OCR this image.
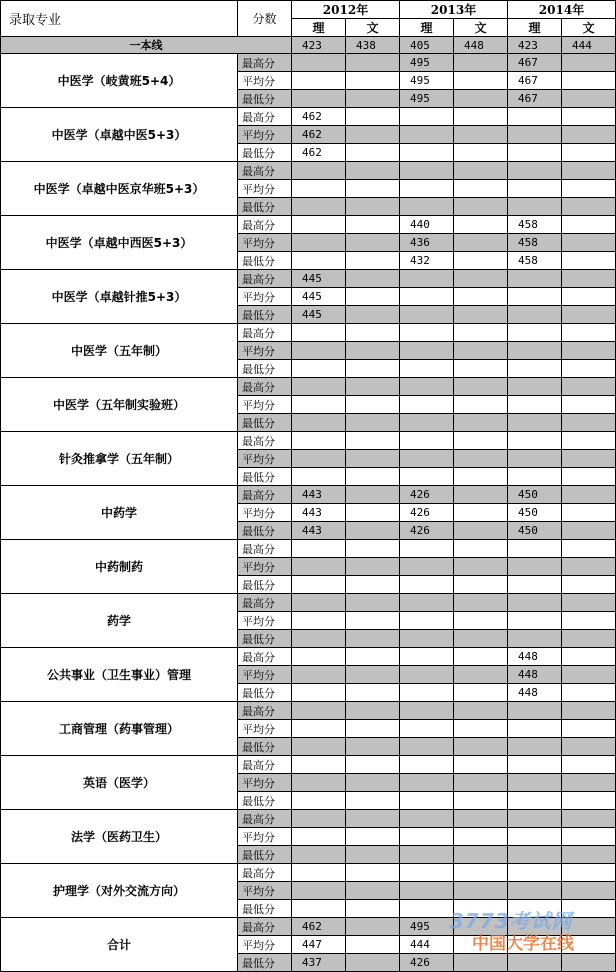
录取专业	分数	2012年		2013年		2014年	
		理	文	理	文	理	文
一本线		423	438	405	448	423	444
中医学（岐黄班5+4）	最高分			495		467	
	平均分			495		467	
	最低分			495		467	
中医学（卓越中医5+3）	最高分	462					
	平均分	462					
	最低分	462					
中医学（卓越中医京华班5+3）	最高分						
	平均分						
	最低分						
中医学（卓越中西医5+3）	最高分			440		458	
	平均分			436		458	
	最低分			432		458	
中医学（卓越针推5+3）	最高分	445					
	平均分	445					
	最低分	445					
中医学（五年制）	最高分						
	平均分						
	最低分						
中医学（五年制实验班）	最高分						
	平均分						
	最低分						
针灸推拿学（五年制）	最高分						
	平均分						
	最低分						
中药学	最高分	443		426		450	
	平均分	443		426		450	
	最低分	443		426		450	
中药制药	最高分						
	平均分						
	最低分						
药学	最高分						
	平均分						
	最低分						
公共事业（卫生事业）管理	最高分					448	
	平均分					448	
	最低分					448	
工商管理（药事管理）	最高分						
	平均分						
	最低分						
英语（医学）	最高分						
	平均分						
	最低分						
法学（医药卫生）	最高分						
	平均分						
	最低分						
护理学（对外交流方向）	最高分						
	平均分						
	最低分						
合计	最高分	462		495			
	平均分	447		444			
	最低分	437		426			
3773考试网
中国大学在线
